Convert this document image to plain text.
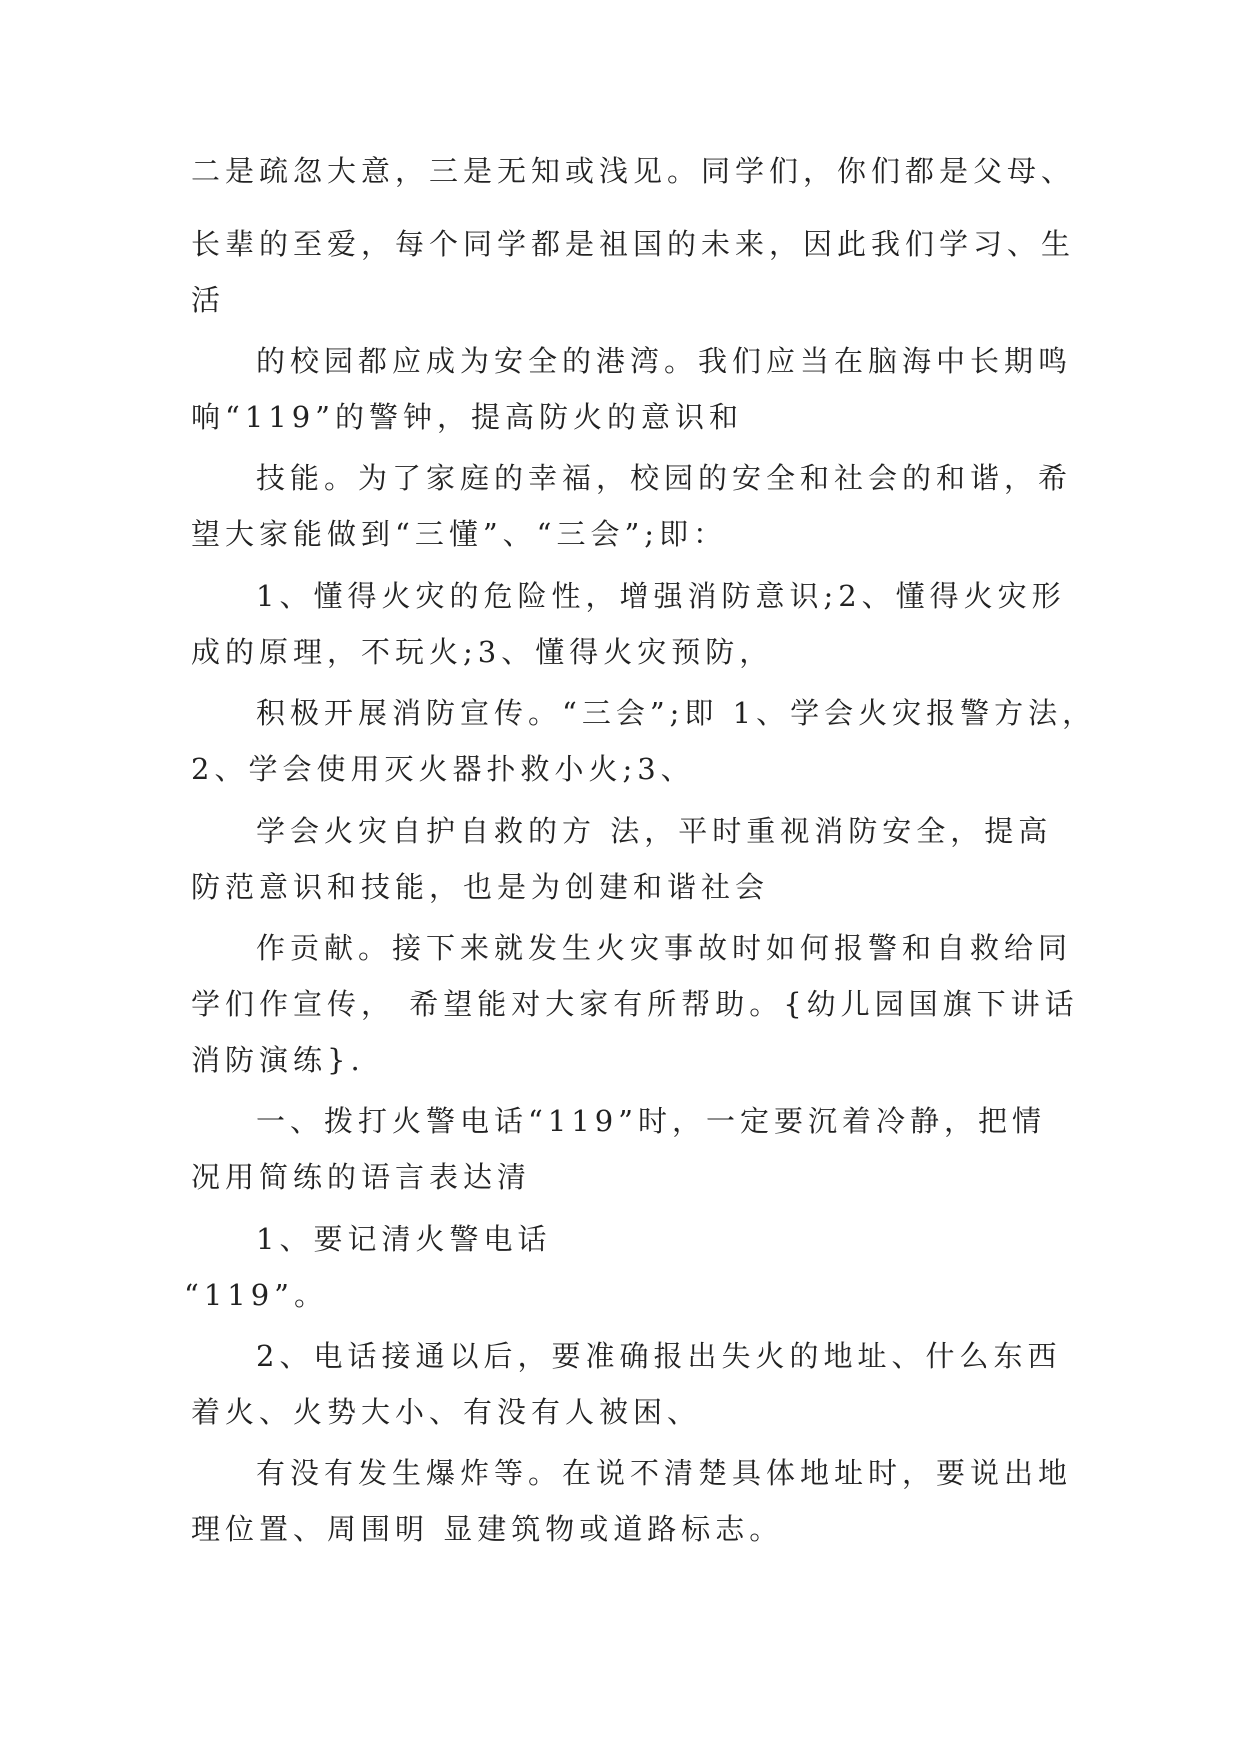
二是疏忽大意，三是无知或浅见。同学们，你们都是父母、
长辈的至爱，每个同学都是祖国的未来，因此我们学习、生
活
的校园都应成为安全的港湾。我们应当在脑海中长期鸣
响“119”的警钟，提高防火的意识和
技能。为了家庭的幸福，校园的安全和社会的和谐，希
望大家能做到“三懂”、“三会”;即：
1、懂得火灾的危险性，增强消防意识;2、懂得火灾形
成的原理，不玩火;3、懂得火灾预防，
积极开展消防宣传。“三会”;即 1、学会火灾报警方法，
2、学会使用灭火器扑救小火;3、
学会火灾自护自救的方 法，平时重视消防安全，提高
防范意识和技能，也是为创建和谐社会
作贡献。接下来就发生火灾事故时如何报警和自救给同
学们作宣传， 希望能对大家有所帮助。{幼儿园国旗下讲话
消防演练}.
一、拨打火警电话“119”时，一定要沉着冷静，把情
况用简练的语言表达清
1、要记清火警电话
“119”。
2、电话接通以后，要准确报出失火的地址、什么东西
着火、火势大小、有没有人被困、
有没有发生爆炸等。在说不清楚具体地址时，要说出地
理位置、周围明 显建筑物或道路标志。
